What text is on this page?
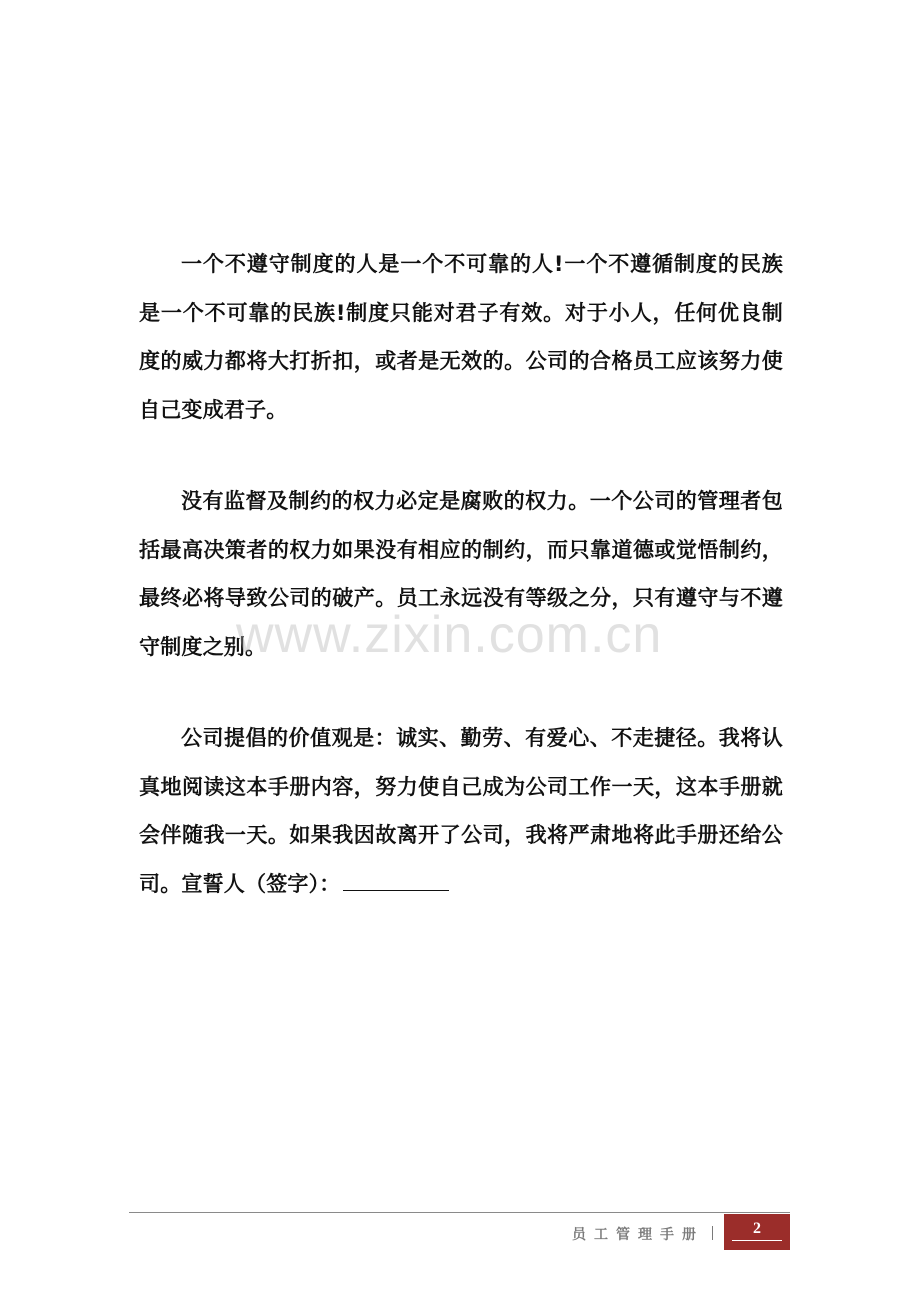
一个不遵守制度的人是一个不可靠的人!一个不遵循制度的民族是一个不可靠的民族!制度只能对君子有效。对于小人，任何优良制度的威力都将大打折扣，或者是无效的。公司的合格员工应该努力使自己变成君子。

没有监督及制约的权力必定是腐败的权力。一个公司的管理者包括最高决策者的权力如果没有相应的制约，而只靠道德或觉悟制约，最终必将导致公司的破产。员工永远没有等级之分，只有遵守与不遵守制度之别。

公司提倡的价值观是：诚实、勤劳、有爱心、不走捷径。我将认真地阅读这本手册内容，努力使自己成为公司工作一天，这本手册就会伴随我一天。如果我因故离开了公司，我将严肃地将此手册还给公司。宣誓人（签字）：

www.zixin.com.cn
员工管理手册	2
